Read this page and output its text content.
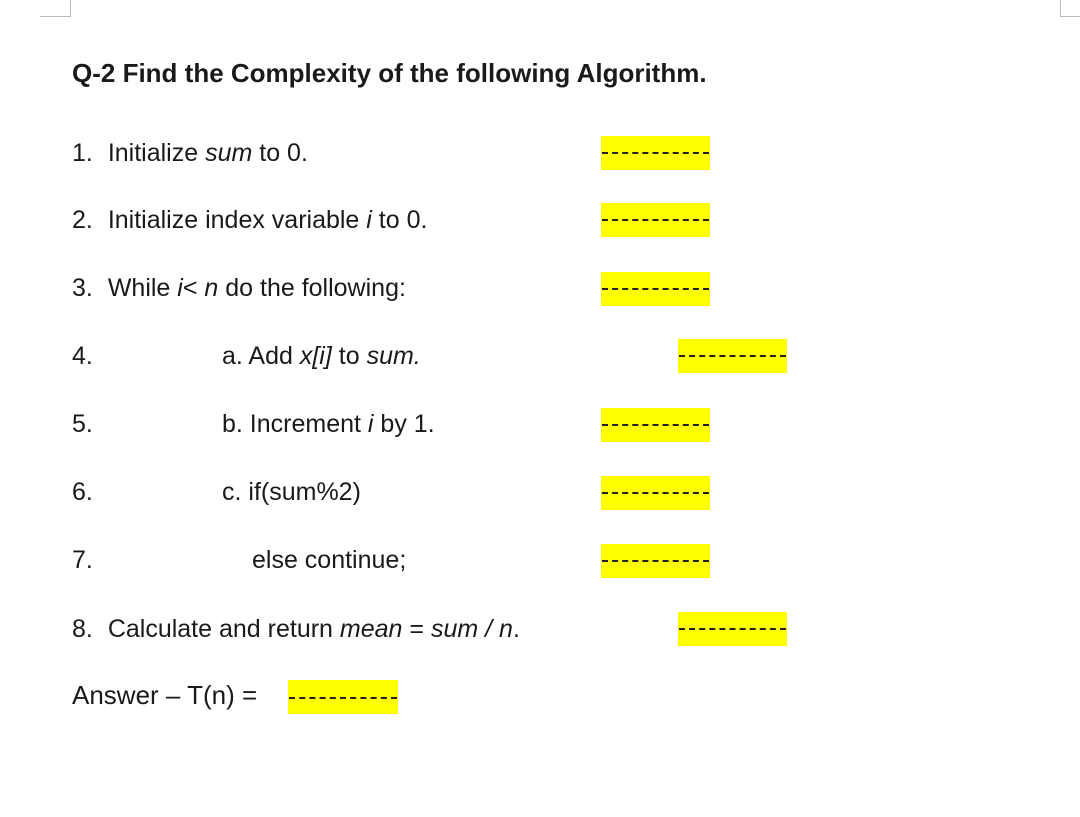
Q-2 Find the Complexity of the following Algorithm.
1. Initialize sum to 0.
2. Initialize index variable i to 0.
3. While i< n do the following:
4.	a. Add x[i] to sum.
5.	b. Increment i by 1.
6.	c. if(sum%2)
7.	else continue;
8. Calculate and return mean = sum / n.
Answer – T(n) =
